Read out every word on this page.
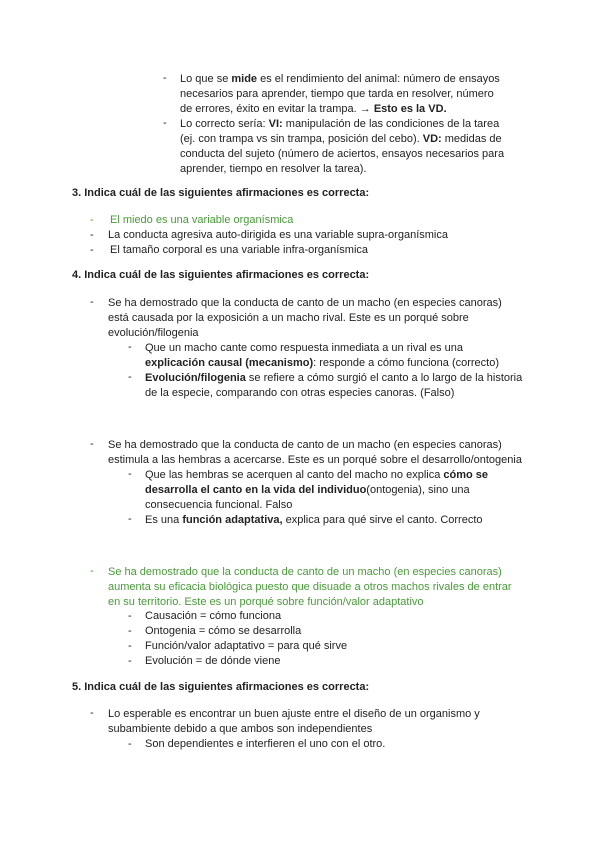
- Lo que se mide es el rendimiento del animal: número de ensayos necesarios para aprender, tiempo que tarda en resolver, número de errores, éxito en evitar la trampa. → Esto es la VD.
- Lo correcto sería: VI: manipulación de las condiciones de la tarea (ej. con trampa vs sin trampa, posición del cebo). VD: medidas de conducta del sujeto (número de aciertos, ensayos necesarios para aprender, tiempo en resolver la tarea).
3. Indica cuál de las siguientes afirmaciones es correcta:
- El miedo es una variable organísmica
- La conducta agresiva auto-dirigida es una variable supra-organísmica
- El tamaño corporal es una variable infra-organísmica
4. Indica cuál de las siguientes afirmaciones es correcta:
- Se ha demostrado que la conducta de canto de un macho (en especies canoras) está causada por la exposición a un macho rival. Este es un porqué sobre evolución/filogenia
- Que un macho cante como respuesta inmediata a un rival es una explicación causal (mecanismo): responde a cómo funciona (correcto)
- Evolución/filogenia se refiere a cómo surgió el canto a lo largo de la historia de la especie, comparando con otras especies canoras. (Falso)
- Se ha demostrado que la conducta de canto de un macho (en especies canoras) estimula a las hembras a acercarse. Este es un porqué sobre el desarrollo/ontogenia
- Que las hembras se acerquen al canto del macho no explica cómo se desarrolla el canto en la vida del individuo(ontogenia), sino una consecuencia funcional. Falso
- Es una función adaptativa, explica para qué sirve el canto. Correcto
- Se ha demostrado que la conducta de canto de un macho (en especies canoras) aumenta su eficacia biológica puesto que disuade a otros machos rivales de entrar en su territorio. Este es un porqué sobre función/valor adaptativo
- Causación = cómo funciona
- Ontogenia = cómo se desarrolla
- Función/valor adaptativo = para qué sirve
- Evolución = de dónde viene
5. Indica cuál de las siguientes afirmaciones es correcta:
- Lo esperable es encontrar un buen ajuste entre el diseño de un organismo y subambiente debido a que ambos son independientes
- Son dependientes e interfieren el uno con el otro.
